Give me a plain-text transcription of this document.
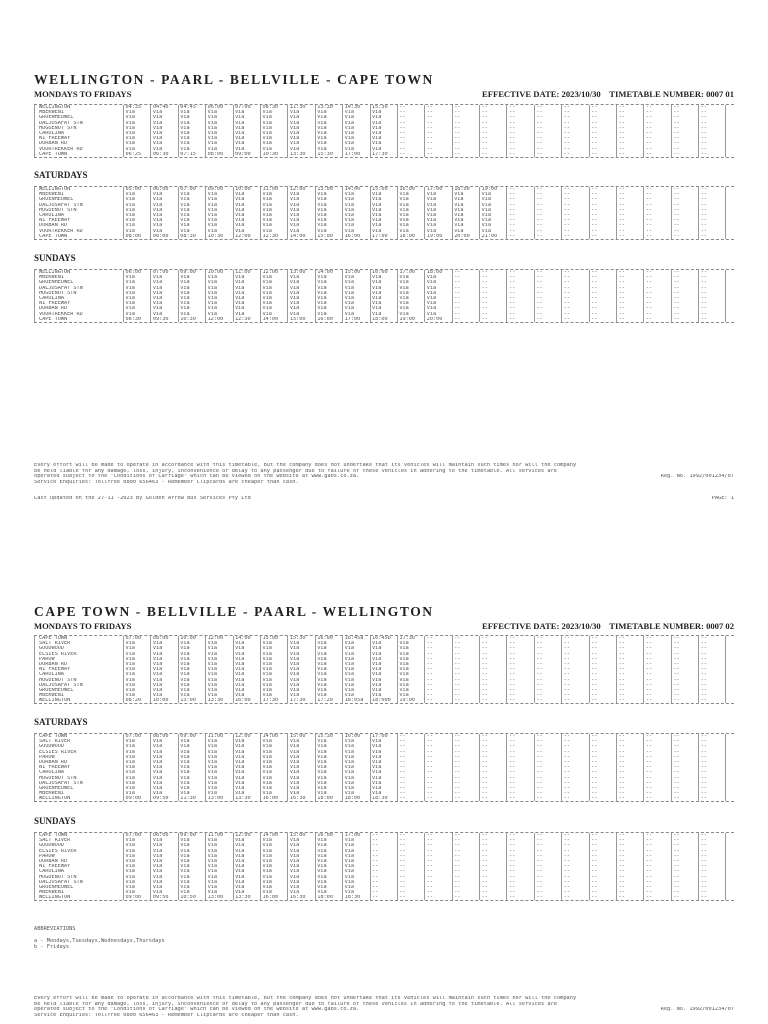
WELLINGTON - PAARL - BELLVILLE - CAPE TOWN
MONDAYS TO FRIDAYS	EFFECTIVE DATE: 2023/10/30 TIMETABLE NUMBER: 0007 01
WELLINGTON	04:35	04:40	04:45	06:00	07:00	08:30	11:30	13:30	14:30	15:30	--	--	--	--	--	--	--	--	--	--	--	--
MBEKWENI	via	via	via	via	via	via	via	via	via	via	--	--	--	--	--	--	--	--	--	--	--	--
GROENHEUWEL	via	via	via	via	via	via	via	via	via	via	--	--	--	--	--	--	--	--	--	--	--	--
DALJOSAFAT STN	via	via	via	via	via	via	via	via	via	via	--	--	--	--	--	--	--	--	--	--	--	--
HUGUENOT STN	via	via	via	via	via	via	via	via	via	via	--	--	--	--	--	--	--	--	--	--	--	--
CAROLINA	via	via	via	via	via	via	via	via	via	via	--	--	--	--	--	--	--	--	--	--	--	--
N1 FREEWAY	via	via	via	via	via	via	via	via	via	via	--	--	--	--	--	--	--	--	--	--	--	--
DURBAN RD	via	via	via	via	via	via	via	via	via	via	--	--	--	--	--	--	--	--	--	--	--	--
VOORTREKKER RD	via	via	via	via	via	via	via	via	via	via	--	--	--	--	--	--	--	--	--	--	--	--
CAPE TOWN	06:25	06:30	07:15	08:00	09:00	10:30	13:30	15:30	17:00	17:30	--	--	--	--	--	--	--	--	--	--	--	--
SATURDAYS
WELLINGTON	05:00	06:00	07:00	09:00	10:00	11:00	12:00	13:00	14:00	15:00	16:00	17:00	18:00	19:00	--	--	--	--	--	--	--	--
MBEKWENI	via	via	via	via	via	via	via	via	via	via	via	via	via	via	--	--	--	--	--	--	--	--
GROENHEUWEL	via	via	via	via	via	via	via	via	via	via	via	via	via	via	--	--	--	--	--	--	--	--
DALJOSAFAT STN	via	via	via	via	via	via	via	via	via	via	via	via	via	via	--	--	--	--	--	--	--	--
HUGUENOT STN	via	via	via	via	via	via	via	via	via	via	via	via	via	via	--	--	--	--	--	--	--	--
CAROLINA	via	via	via	via	via	via	via	via	via	via	via	via	via	via	--	--	--	--	--	--	--	--
N1 FREEWAY	via	via	via	via	via	via	via	via	via	via	via	via	via	via	--	--	--	--	--	--	--	--
DURBAN RD	via	via	via	via	via	via	via	via	via	via	via	via	via	via	--	--	--	--	--	--	--	--
VOORTREKKER RD	via	via	via	via	via	via	via	via	via	via	via	via	via	via	--	--	--	--	--	--	--	--
CAPE TOWN	08:00	08:00	08:30	10:30	12:00	12:30	14:00	15:00	16:00	17:00	18:00	19:00	20:00	21:00	--	--	--	--	--	--	--	--
SUNDAYS
WELLINGTON	06:00	07:00	09:00	10:00	11:00	12:00	13:00	14:00	15:00	16:00	17:00	18:00	--	--	--	--	--	--	--	--	--	--
MBEKWENI	via	via	via	via	via	via	via	via	via	via	via	via	--	--	--	--	--	--	--	--	--	--
GROENHEUWEL	via	via	via	via	via	via	via	via	via	via	via	via	--	--	--	--	--	--	--	--	--	--
DALJOSAFAT STN	via	via	via	via	via	via	via	via	via	via	via	via	--	--	--	--	--	--	--	--	--	--
HUGUENOT STN	via	via	via	via	via	via	via	via	via	via	via	via	--	--	--	--	--	--	--	--	--	--
CAROLINA	via	via	via	via	via	via	via	via	via	via	via	via	--	--	--	--	--	--	--	--	--	--
N1 FREEWAY	via	via	via	via	via	via	via	via	via	via	via	via	--	--	--	--	--	--	--	--	--	--
DURBAN RD	via	via	via	via	via	via	via	via	via	via	via	via	--	--	--	--	--	--	--	--	--	--
VOORTREKKER RD	via	via	via	via	via	via	via	via	via	via	via	via	--	--	--	--	--	--	--	--	--	--
CAPE TOWN	08:30	09:30	10:30	12:00	12:30	14:00	15:00	16:00	17:00	18:00	19:00	20:00	--	--	--	--	--	--	--	--	--	--
Every effort will be made to operate in accordance with this timetable, but the company does not undertake that its vehicles will maintain such times nor will the company
be held liable for any damage, loss, injury, inconvenience or delay to any passenger due to failure of these vehicles in adhering to the timetable. All services are
operated subject to the "Conditions of Carriage" which can be viewed on the website at www.gabs.co.za.	Reg. No. 1992/001234/07
Service Enquiries: Tollfree 0800 656463 - Remember Clipcards are cheaper than cash.
Last Updated on the 27-11 -2023 By Golden Arrow Bus Services Pty Ltd	PAGE: 1
CAPE TOWN - BELLVILLE - PAARL - WELLINGTON
MONDAYS TO FRIDAYS	EFFECTIVE DATE: 2023/10/30 TIMETABLE NUMBER: 0007 02
CAPE TOWN	07:00	08:00	10:00	12:00	14:00	15:00	15:30	16:00	16:45a	16:45b	17:30	--	--	--	--	--	--	--	--	--	--	--
SALT RIVER	via	via	via	via	via	via	via	via	via	via	via	--	--	--	--	--	--	--	--	--	--	--
GOODWOOD	via	via	via	via	via	via	via	via	via	via	via	--	--	--	--	--	--	--	--	--	--	--
ELSIES RIVER	via	via	via	via	via	via	via	via	via	via	via	--	--	--	--	--	--	--	--	--	--	--
PAROW	via	via	via	via	via	via	via	via	via	via	via	--	--	--	--	--	--	--	--	--	--	--
DURBAN RD	via	via	via	via	via	via	via	via	via	via	via	--	--	--	--	--	--	--	--	--	--	--
N1 FREEWAY	via	via	via	via	via	via	via	via	via	via	via	--	--	--	--	--	--	--	--	--	--	--
CAROLINA	via	via	via	via	via	via	via	via	via	via	via	--	--	--	--	--	--	--	--	--	--	--
HUGUENOT STN	via	via	via	via	via	via	via	via	via	via	via	--	--	--	--	--	--	--	--	--	--	--
DALJOSAFAT STN	via	via	via	via	via	via	via	via	via	via	via	--	--	--	--	--	--	--	--	--	--	--
GROENHEUWEL	via	via	via	via	via	via	via	via	via	via	via	--	--	--	--	--	--	--	--	--	--	--
MBEKWENI	via	via	via	via	via	via	via	via	via	via	via	--	--	--	--	--	--	--	--	--	--	--
WELLINGTON	08:20	10:00	13:00	13:30	16:00	17:30	17:30	17:20	18:05a	18:00b	19:00	--	--	--	--	--	--	--	--	--	--	--
SATURDAYS
CAPE TOWN	07:00	08:00	09:00	11:00	12:00	14:00	15:00	15:30	16:00	17:00	--	--	--	--	--	--	--	--	--	--	--	--
SALT RIVER	via	via	via	via	via	via	via	via	via	via	--	--	--	--	--	--	--	--	--	--	--	--
GOODWOOD	via	via	via	via	via	via	via	via	via	via	--	--	--	--	--	--	--	--	--	--	--	--
ELSIES RIVER	via	via	via	via	via	via	via	via	via	via	--	--	--	--	--	--	--	--	--	--	--	--
PAROW	via	via	via	via	via	via	via	via	via	via	--	--	--	--	--	--	--	--	--	--	--	--
DURBAN RD	via	via	via	via	via	via	via	via	via	via	--	--	--	--	--	--	--	--	--	--	--	--
N1 FREEWAY	via	via	via	via	via	via	via	via	via	via	--	--	--	--	--	--	--	--	--	--	--	--
CAROLINA	via	via	via	via	via	via	via	via	via	via	--	--	--	--	--	--	--	--	--	--	--	--
HUGUENOT STN	via	via	via	via	via	via	via	via	via	via	--	--	--	--	--	--	--	--	--	--	--	--
DALJOSAFAT STN	via	via	via	via	via	via	via	via	via	via	--	--	--	--	--	--	--	--	--	--	--	--
GROENHEUWEL	via	via	via	via	via	via	via	via	via	via	--	--	--	--	--	--	--	--	--	--	--	--
MBEKWENI	via	via	via	via	via	via	via	via	via	via	--	--	--	--	--	--	--	--	--	--	--	--
WELLINGTON	09:00	09:50	11:30	13:00	13:30	16:00	16:30	18:00	18:00	18:30	--	--	--	--	--	--	--	--	--	--	--	--
SUNDAYS
CAPE TOWN	07:00	08:00	09:00	11:00	12:00	14:00	15:00	16:00	17:00	--	--	--	--	--	--	--	--	--	--	--	--	--
SALT RIVER	via	via	via	via	via	via	via	via	via	--	--	--	--	--	--	--	--	--	--	--	--	--
GOODWOOD	via	via	via	via	via	via	via	via	via	--	--	--	--	--	--	--	--	--	--	--	--	--
ELSIES RIVER	via	via	via	via	via	via	via	via	via	--	--	--	--	--	--	--	--	--	--	--	--	--
PAROW	via	via	via	via	via	via	via	via	via	--	--	--	--	--	--	--	--	--	--	--	--	--
DURBAN RD	via	via	via	via	via	via	via	via	via	--	--	--	--	--	--	--	--	--	--	--	--	--
N1 FREEWAY	via	via	via	via	via	via	via	via	via	--	--	--	--	--	--	--	--	--	--	--	--	--
CAROLINA	via	via	via	via	via	via	via	via	via	--	--	--	--	--	--	--	--	--	--	--	--	--
HUGUENOT STN	via	via	via	via	via	via	via	via	via	--	--	--	--	--	--	--	--	--	--	--	--	--
DALJOSAFAT STN	via	via	via	via	via	via	via	via	via	--	--	--	--	--	--	--	--	--	--	--	--	--
GROENHEUWEL	via	via	via	via	via	via	via	via	via	--	--	--	--	--	--	--	--	--	--	--	--	--
MBEKWENI	via	via	via	via	via	via	via	via	via	--	--	--	--	--	--	--	--	--	--	--	--	--
WELLINGTON	09:00	09:50	10:50	13:00	13:30	16:00	16:30	18:00	18:30	--	--	--	--	--	--	--	--	--	--	--	--	--
ABBREVIATIONS
a - Mondays,Tuesdays,Wednesdays,Thursdays
b - Fridays
Every effort will be made to operate in accordance with this timetable, but the company does not undertake that its vehicles will maintain such times nor will the company
be held liable for any damage, loss, injury, inconvenience or delay to any passenger due to failure of these vehicles in adhering to the timetable. All services are
operated subject to the "Conditions of Carriage" which can be viewed on the website at www.gabs.co.za.	Reg. No. 1992/001234/07
Service Enquiries: Tollfree 0800 656463 - Remember Clipcards are cheaper than cash.
